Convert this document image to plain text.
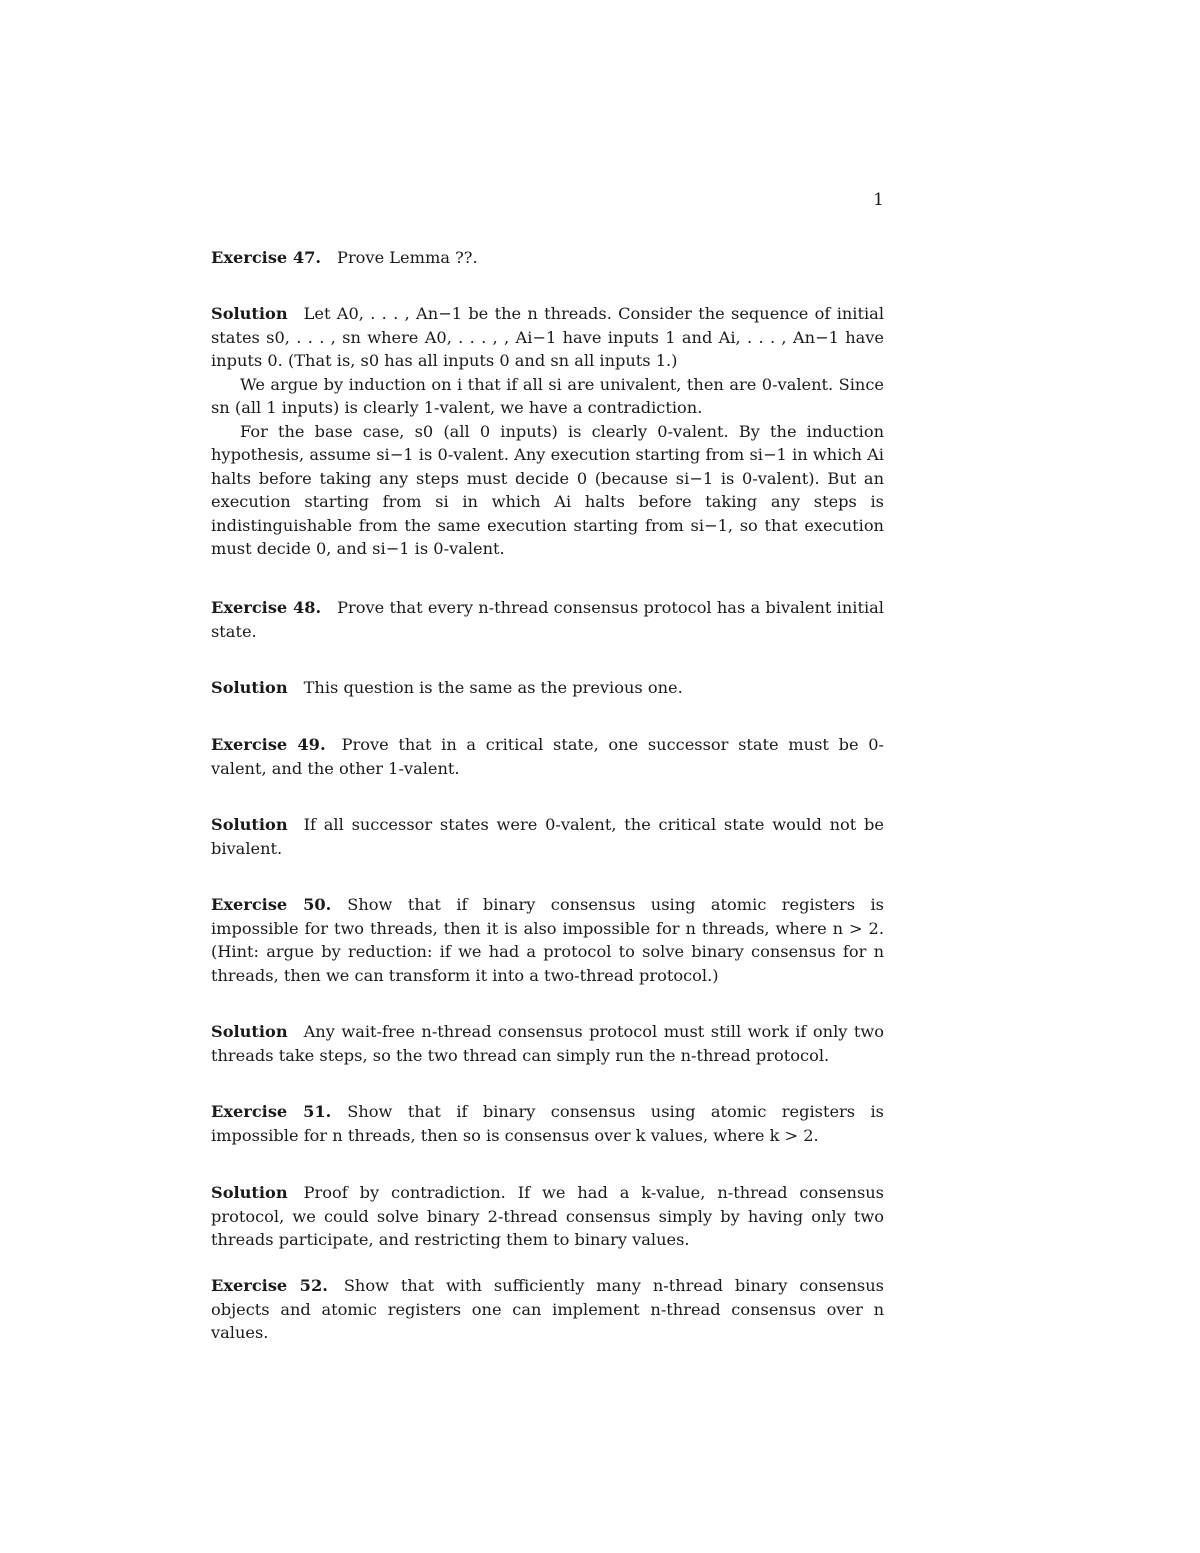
1

Exercise 47. Prove Lemma ??.

Solution Let A0, . . . , An−1 be the n threads. Consider the sequence of initial states s0, . . . , sn where A0, . . . , , Ai−1 have inputs 1 and Ai, . . . , An−1 have inputs 0. (That is, s0 has all inputs 0 and sn all inputs 1.)

We argue by induction on i that if all si are univalent, then are 0-valent. Since sn (all 1 inputs) is clearly 1-valent, we have a contradiction.

For the base case, s0 (all 0 inputs) is clearly 0-valent. By the induction hypothesis, assume si−1 is 0-valent. Any execution starting from si−1 in which Ai halts before taking any steps must decide 0 (because si−1 is 0-valent). But an execution starting from si in which Ai halts before taking any steps is indistinguishable from the same execution starting from si−1, so that execution must decide 0, and si−1 is 0-valent.

Exercise 48. Prove that every n-thread consensus protocol has a bivalent initial state.

Solution This question is the same as the previous one.

Exercise 49. Prove that in a critical state, one successor state must be 0-valent, and the other 1-valent.

Solution If all successor states were 0-valent, the critical state would not be bivalent.

Exercise 50. Show that if binary consensus using atomic registers is impossible for two threads, then it is also impossible for n threads, where n > 2. (Hint: argue by reduction: if we had a protocol to solve binary consensus for n threads, then we can transform it into a two-thread protocol.)

Solution Any wait-free n-thread consensus protocol must still work if only two threads take steps, so the two thread can simply run the n-thread protocol.

Exercise 51. Show that if binary consensus using atomic registers is impossible for n threads, then so is consensus over k values, where k > 2.

Solution Proof by contradiction. If we had a k-value, n-thread consensus protocol, we could solve binary 2-thread consensus simply by having only two threads participate, and restricting them to binary values.

Exercise 52. Show that with sufficiently many n-thread binary consensus objects and atomic registers one can implement n-thread consensus over n values.
